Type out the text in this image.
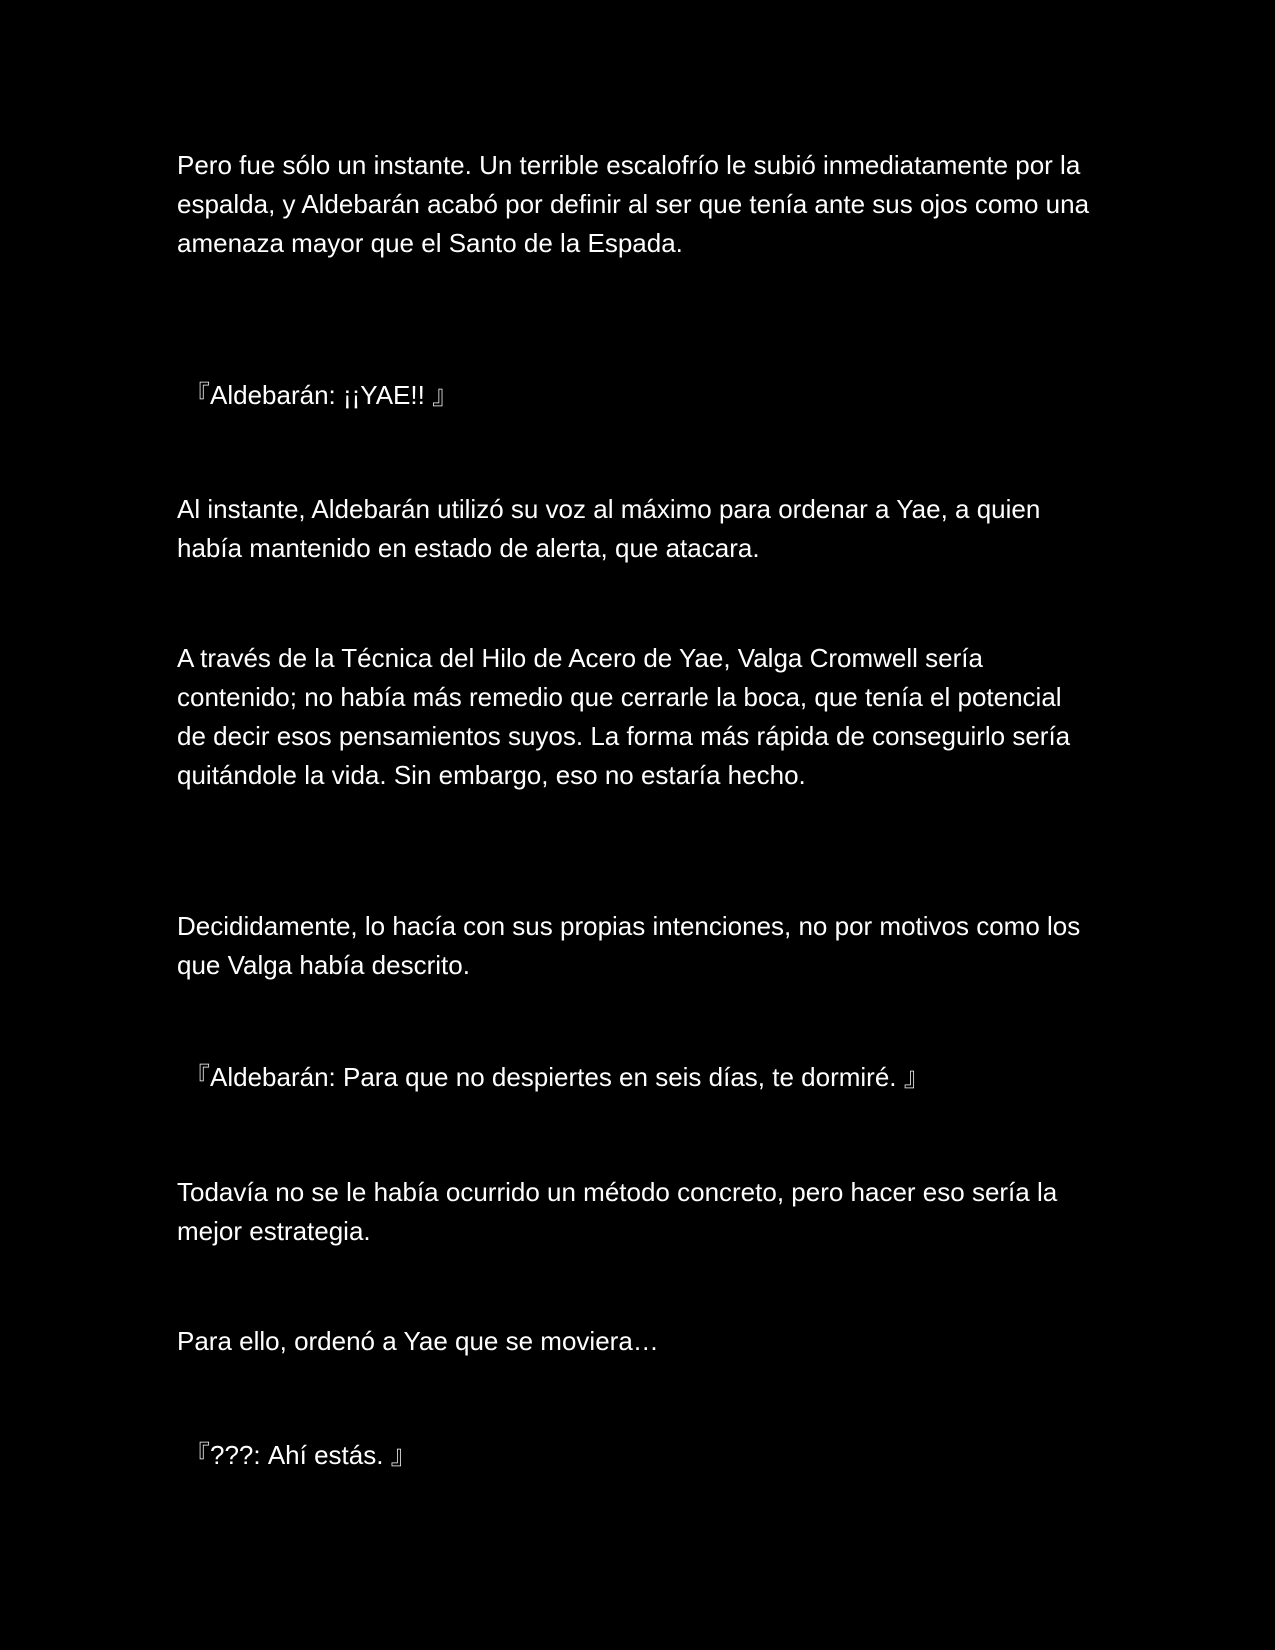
Pero fue sólo un instante. Un terrible escalofrío le subió inmediatamente por la espalda, y Aldebarán acabó por definir al ser que tenía ante sus ojos como una amenaza mayor que el Santo de la Espada.

『Aldebarán: ¡¡YAE!! 』

Al instante, Aldebarán utilizó su voz al máximo para ordenar a Yae, a quien había mantenido en estado de alerta, que atacara.

A través de la Técnica del Hilo de Acero de Yae, Valga Cromwell sería contenido; no había más remedio que cerrarle la boca, que tenía el potencial de decir esos pensamientos suyos. La forma más rápida de conseguirlo sería quitándole la vida. Sin embargo, eso no estaría hecho.

Decididamente, lo hacía con sus propias intenciones, no por motivos como los que Valga había descrito.

『Aldebarán: Para que no despiertes en seis días, te dormiré. 』

Todavía no se le había ocurrido un método concreto, pero hacer eso sería la mejor estrategia.

Para ello, ordenó a Yae que se moviera…

『???: Ahí estás. 』
